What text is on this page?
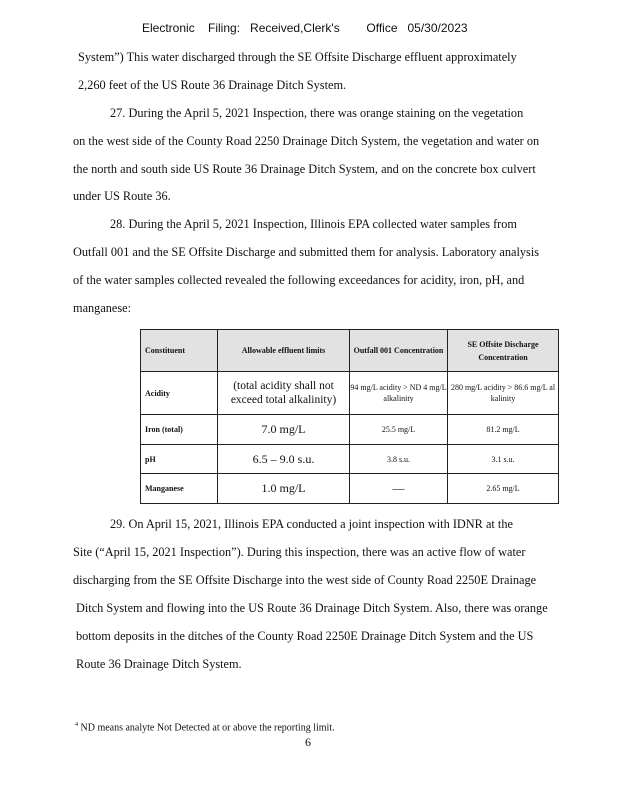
Electronic    Filing:   Received,Clerk's        Office   05/30/2023
System”) This water discharged through the SE Offsite Discharge effluent approximately
2,260 feet of the US Route 36 Drainage Ditch System.
27. During the April 5, 2021 Inspection, there was orange staining on the vegetation
on the west side of the County Road 2250 Drainage Ditch System, the vegetation and water on
the north and south side US Route 36 Drainage Ditch System, and on the concrete box culvert
under US Route 36.
28. During the April 5, 2021 Inspection, Illinois EPA collected water samples from
Outfall 001 and the SE Offsite Discharge and submitted them for analysis. Laboratory analysis
of the water samples collected revealed the following exceedances for acidity, iron, pH, and
manganese:
Constituent	Allowable effluent limits	Outfall 001 Concentration	SE Offsite Discharge Concentration
Acidity	(total acidity shall not exceed total alkalinity)	94 mg/L acidity > ND 4 mg/L alkalinity	280 mg/L acidity > 86.6 mg/L al kalinity
Iron (total)	7.0 mg/L	25.5 mg/L	81.2 mg/L
pH	6.5 – 9.0 s.u.	3.8 s.u.	3.1 s.u.
Manganese	1.0 mg/L	—	2.65 mg/L
29. On April 15, 2021, Illinois EPA conducted a joint inspection with IDNR at the
Site (“April 15, 2021 Inspection”). During this inspection, there was an active flow of water
discharging from the SE Offsite Discharge into the west side of County Road 2250E Drainage
Ditch System and flowing into the US Route 36 Drainage Ditch System. Also, there was orange
bottom deposits in the ditches of the County Road 2250E Drainage Ditch System and the US
Route 36 Drainage Ditch System.
$^4$ ND means analyte Not Detected at or above the reporting limit.
6
